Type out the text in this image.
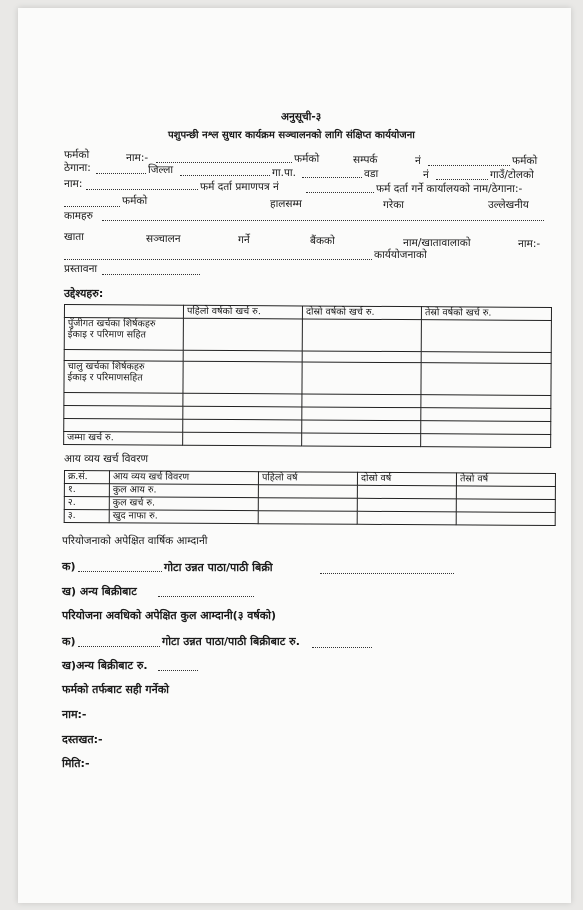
अनुसूची-३
पशुपन्छी नश्ल सुधार कार्यक्रम सञ्चालनको लागि संक्षिप्त कार्ययोजना
फर्मको	नाम:-	फर्मको	सम्पर्क	नं	फर्मको
ठेगाना:	जिल्ला	गा.पा.	वडा	नं	गाउँ/टोलको
नाम:	फर्म दर्ता प्रमाणपत्र नं	फर्म दर्ता गर्ने कार्यालयको नाम/ठेगाना:-
फर्मको	हालसम्म	गरेका	उल्लेखनीय
कामहरु
खाता	सञ्चालन	गर्ने	बैंकको	नाम/खातावालाको	नाम:-
कार्ययोजनाको
प्रस्तावना
उद्देश्यहरु:
	पहिलो वर्षको खर्च रु.	दोस्रो वर्षको खर्च रु.	तेस्रो वर्षको खर्च रु.

पुँजीगत खर्चका शिर्षकहरु
ईकाइ र परिमाण सहित			

चालु खर्चका शिर्षकहरु
ईकाइ र परिमाणसहित			

जम्मा खर्च रु.			
आय व्यय खर्च विवरण
क्र.सं.	आय व्यय खर्च विवरण	पहिलो वर्ष	दोस्रो वर्ष	तेस्रो वर्ष
१.	कुल आय रु.			
२.	कुल खर्च रु.			
३.	खुद नाफा रु.			
परियोजनाको अपेक्षित वार्षिक आम्दानी
क)	गोटा उन्नत पाठा/पाठी बिक्री
ख) अन्य बिक्रीबाट
परियोजना अवधिको अपेक्षित कुल आम्दानी(३ वर्षको)
क)	गोटा उन्नत पाठा/पाठी बिक्रीबाट रु.
ख)अन्य बिक्रीबाट रु.
फर्मको तर्फबाट सही गर्नेको
नाम:-
दस्तखत:-
मिति:-
